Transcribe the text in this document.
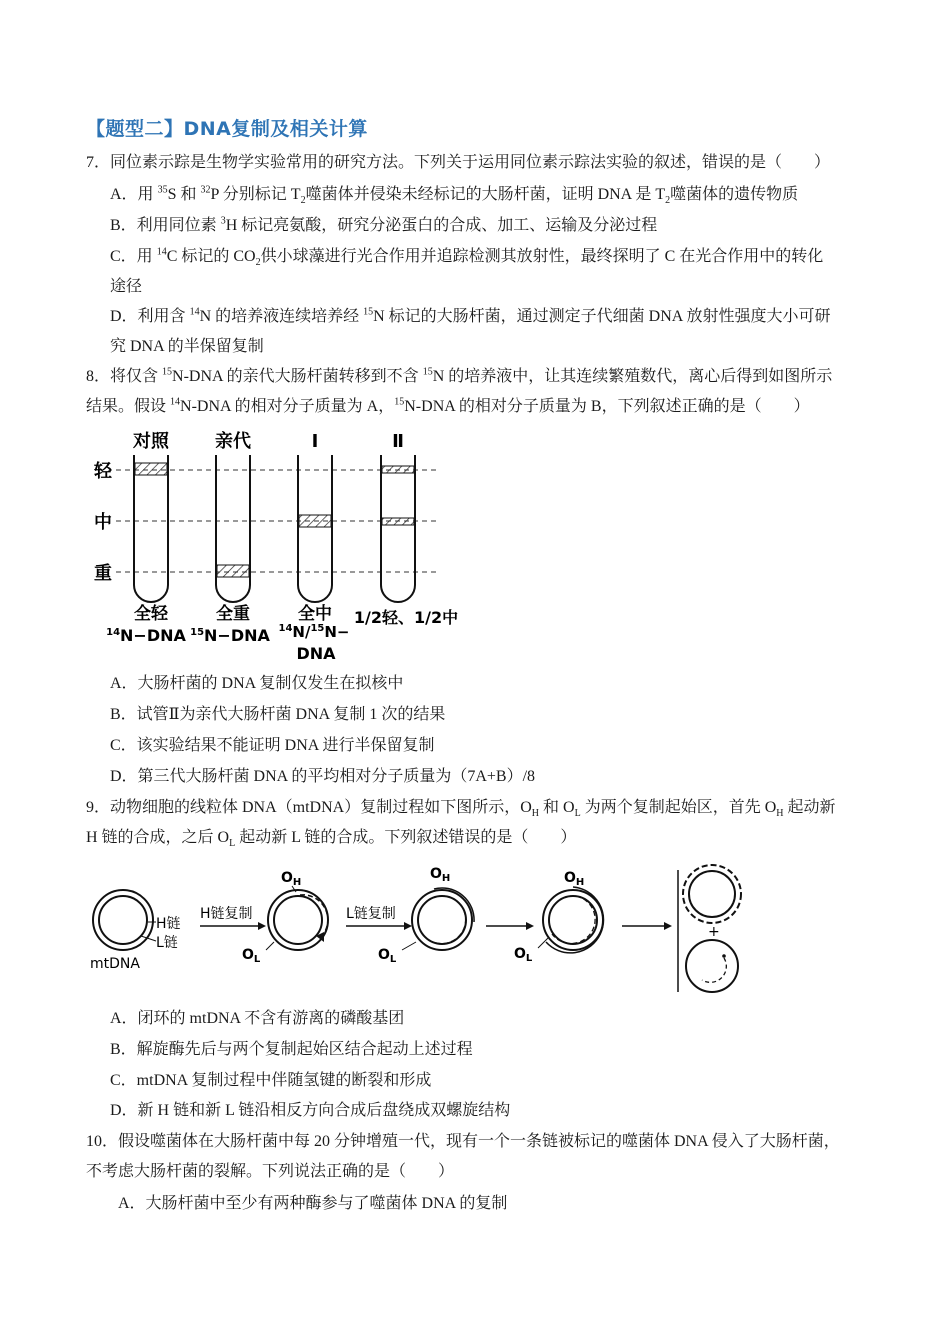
【题型二】DNA复制及相关计算
7．同位素示踪是生物学实验常用的研究方法。下列关于运用同位素示踪法实验的叙述，错误的是（　　）
A．用 $^{35}$S 和 $^{32}$P 分别标记 $T_2$噬菌体并侵染未经标记的大肠杆菌，证明 DNA 是 $T_2$噬菌体的遗传物质
B．利用同位素 $^3$H 标记亮氨酸，研究分泌蛋白的合成、加工、运输及分泌过程
C．用 $^{14}$C 标记的 $CO_2$供小球藻进行光合作用并追踪检测其放射性，最终探明了 C 在光合作用中的转化
途径
D．利用含 $^{14}$N 的培养液连续培养经 $^{15}$N 标记的大肠杆菌，通过测定子代细菌 DNA 放射性强度大小可研
究 DNA 的半保留复制
8．将仅含 $^{15}$N-DNA 的亲代大肠杆菌转移到不含 $^{15}$N 的培养液中，让其连续繁殖数代，离心后得到如图所示
结果。假设 $^{14}$N-DNA 的相对分子质量为 A，$^{15}$N-DNA 的相对分子质量为 B，下列叙述正确的是（　　）
对照	亲代	Ⅰ	Ⅱ
轻
中
重
全轻	全重	全中 1/2轻、1/2中
$^{14}$N−DNA $^{15}$N−DNA $^{14}$N/$^{15}$N−
DNA
A．大肠杆菌的 DNA 复制仅发生在拟核中
B．试管Ⅱ为亲代大肠杆菌 DNA 复制 1 次的结果
C．该实验结果不能证明 DNA 进行半保留复制
D．第三代大肠杆菌 DNA 的平均相对分子质量为（7A+B）/8
9．动物细胞的线粒体 DNA（mtDNA）复制过程如下图所示，$O_H$ 和 $O_L$ 为两个复制起始区，首先 $O_H$ 起动新
H 链的合成，之后 $O_L$ 起动新 L 链的合成。下列叙述错误的是（　　）
H链
L链
mtDNA
H链复制
$O_H$
$O_L$
L链复制
$O_H$
$O_L$
$O_H$
$O_L$
+
A．闭环的 mtDNA 不含有游离的磷酸基团
B．解旋酶先后与两个复制起始区结合起动上述过程
C．mtDNA 复制过程中伴随氢键的断裂和形成
D．新 H 链和新 L 链沿相反方向合成后盘绕成双螺旋结构
10．假设噬菌体在大肠杆菌中每 20 分钟增殖一代，现有一个一条链被标记的噬菌体 DNA 侵入了大肠杆菌，
不考虑大肠杆菌的裂解。下列说法正确的是（　　）
A．大肠杆菌中至少有两种酶参与了噬菌体 DNA 的复制
